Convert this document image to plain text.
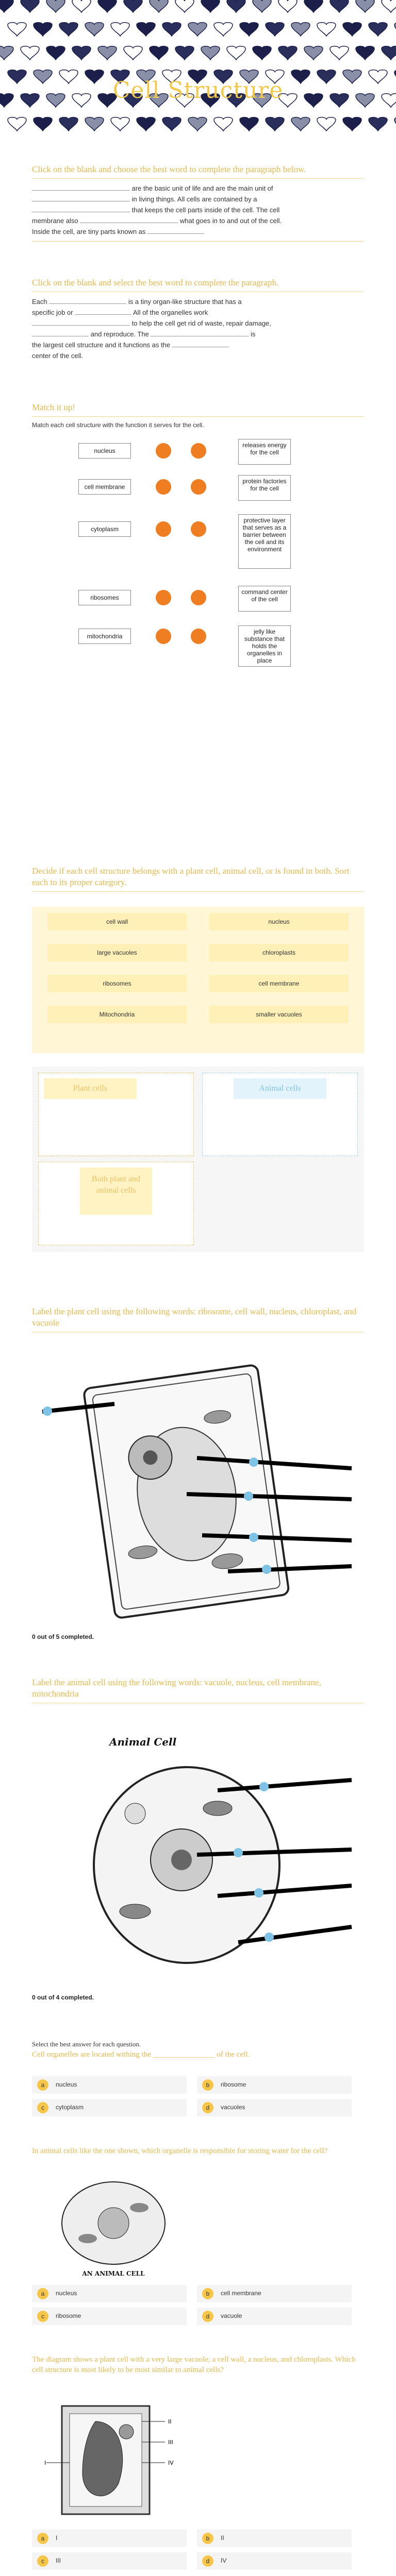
Cell Structure
Click on the blank and choose the best word to complete the paragraph below.
are the basic unit of life and are the main unit of
in living things. All cells are contained by a
that keeps the cell parts inside of the cell. The cell
membrane also	what goes in to and out of the cell.
Inside the cell, are tiny parts known as
Click on the blank and select the best word to complete the paragraph.
Each	is a tiny organ-like structure that has a
specific job or	All of the organelles work
to help the cell get rid of waste, repair damage,
and reproduce. The	is
the largest cell structure and it functions as the
center of the cell.
Match it up!
Match each cell structure with the function it serves for the cell.
nucleus
releases energy for the cell
cell membrane
protein factories for the cell
cytoplasm
protective layer that serves as a barrier between the cell and its environment
ribosomes
command center of the cell
mitochondria
jelly like substance that holds the organelles in place
Decide if each cell structure belongs with a plant cell, animal cell, or is found in both. Sort each to its proper category.
cell wall	nucleus
large vacuoles	chloroplasts
ribosomes	cell membrane
Mitochondria	smaller vacuoles
Plant cells	Animal cells
Both plant and animal cells
Label the plant cell using the following words: ribosome, cell wall, nucleus, chloroplast, and vacuole
0 out of 5 completed.
Label the animal cell using the following words: vacuole, nucleus, cell membrane, mitochondria
Animal Cell
0 out of 4 completed.
Select the best answer for each question.
Cell organelles are located withing the ________________ of the cell.
a	nucleus	b	ribosome
c	cytoplasm	d	vacuoles
In animal cells like the one shown, which organelle is responsible for storing water for the cell?
AN ANIMAL CELL
a	nucleus	b	cell membrane
c	ribosome	d	vacuole
The diagram shows a plant cell with a very large vacuole, a cell wall, a nucleus, and chloroplasts. Which cell structure is most likely to be most similar to animal cells?
I
II
III
IV
a	I	b	II
c	III	d	IV
